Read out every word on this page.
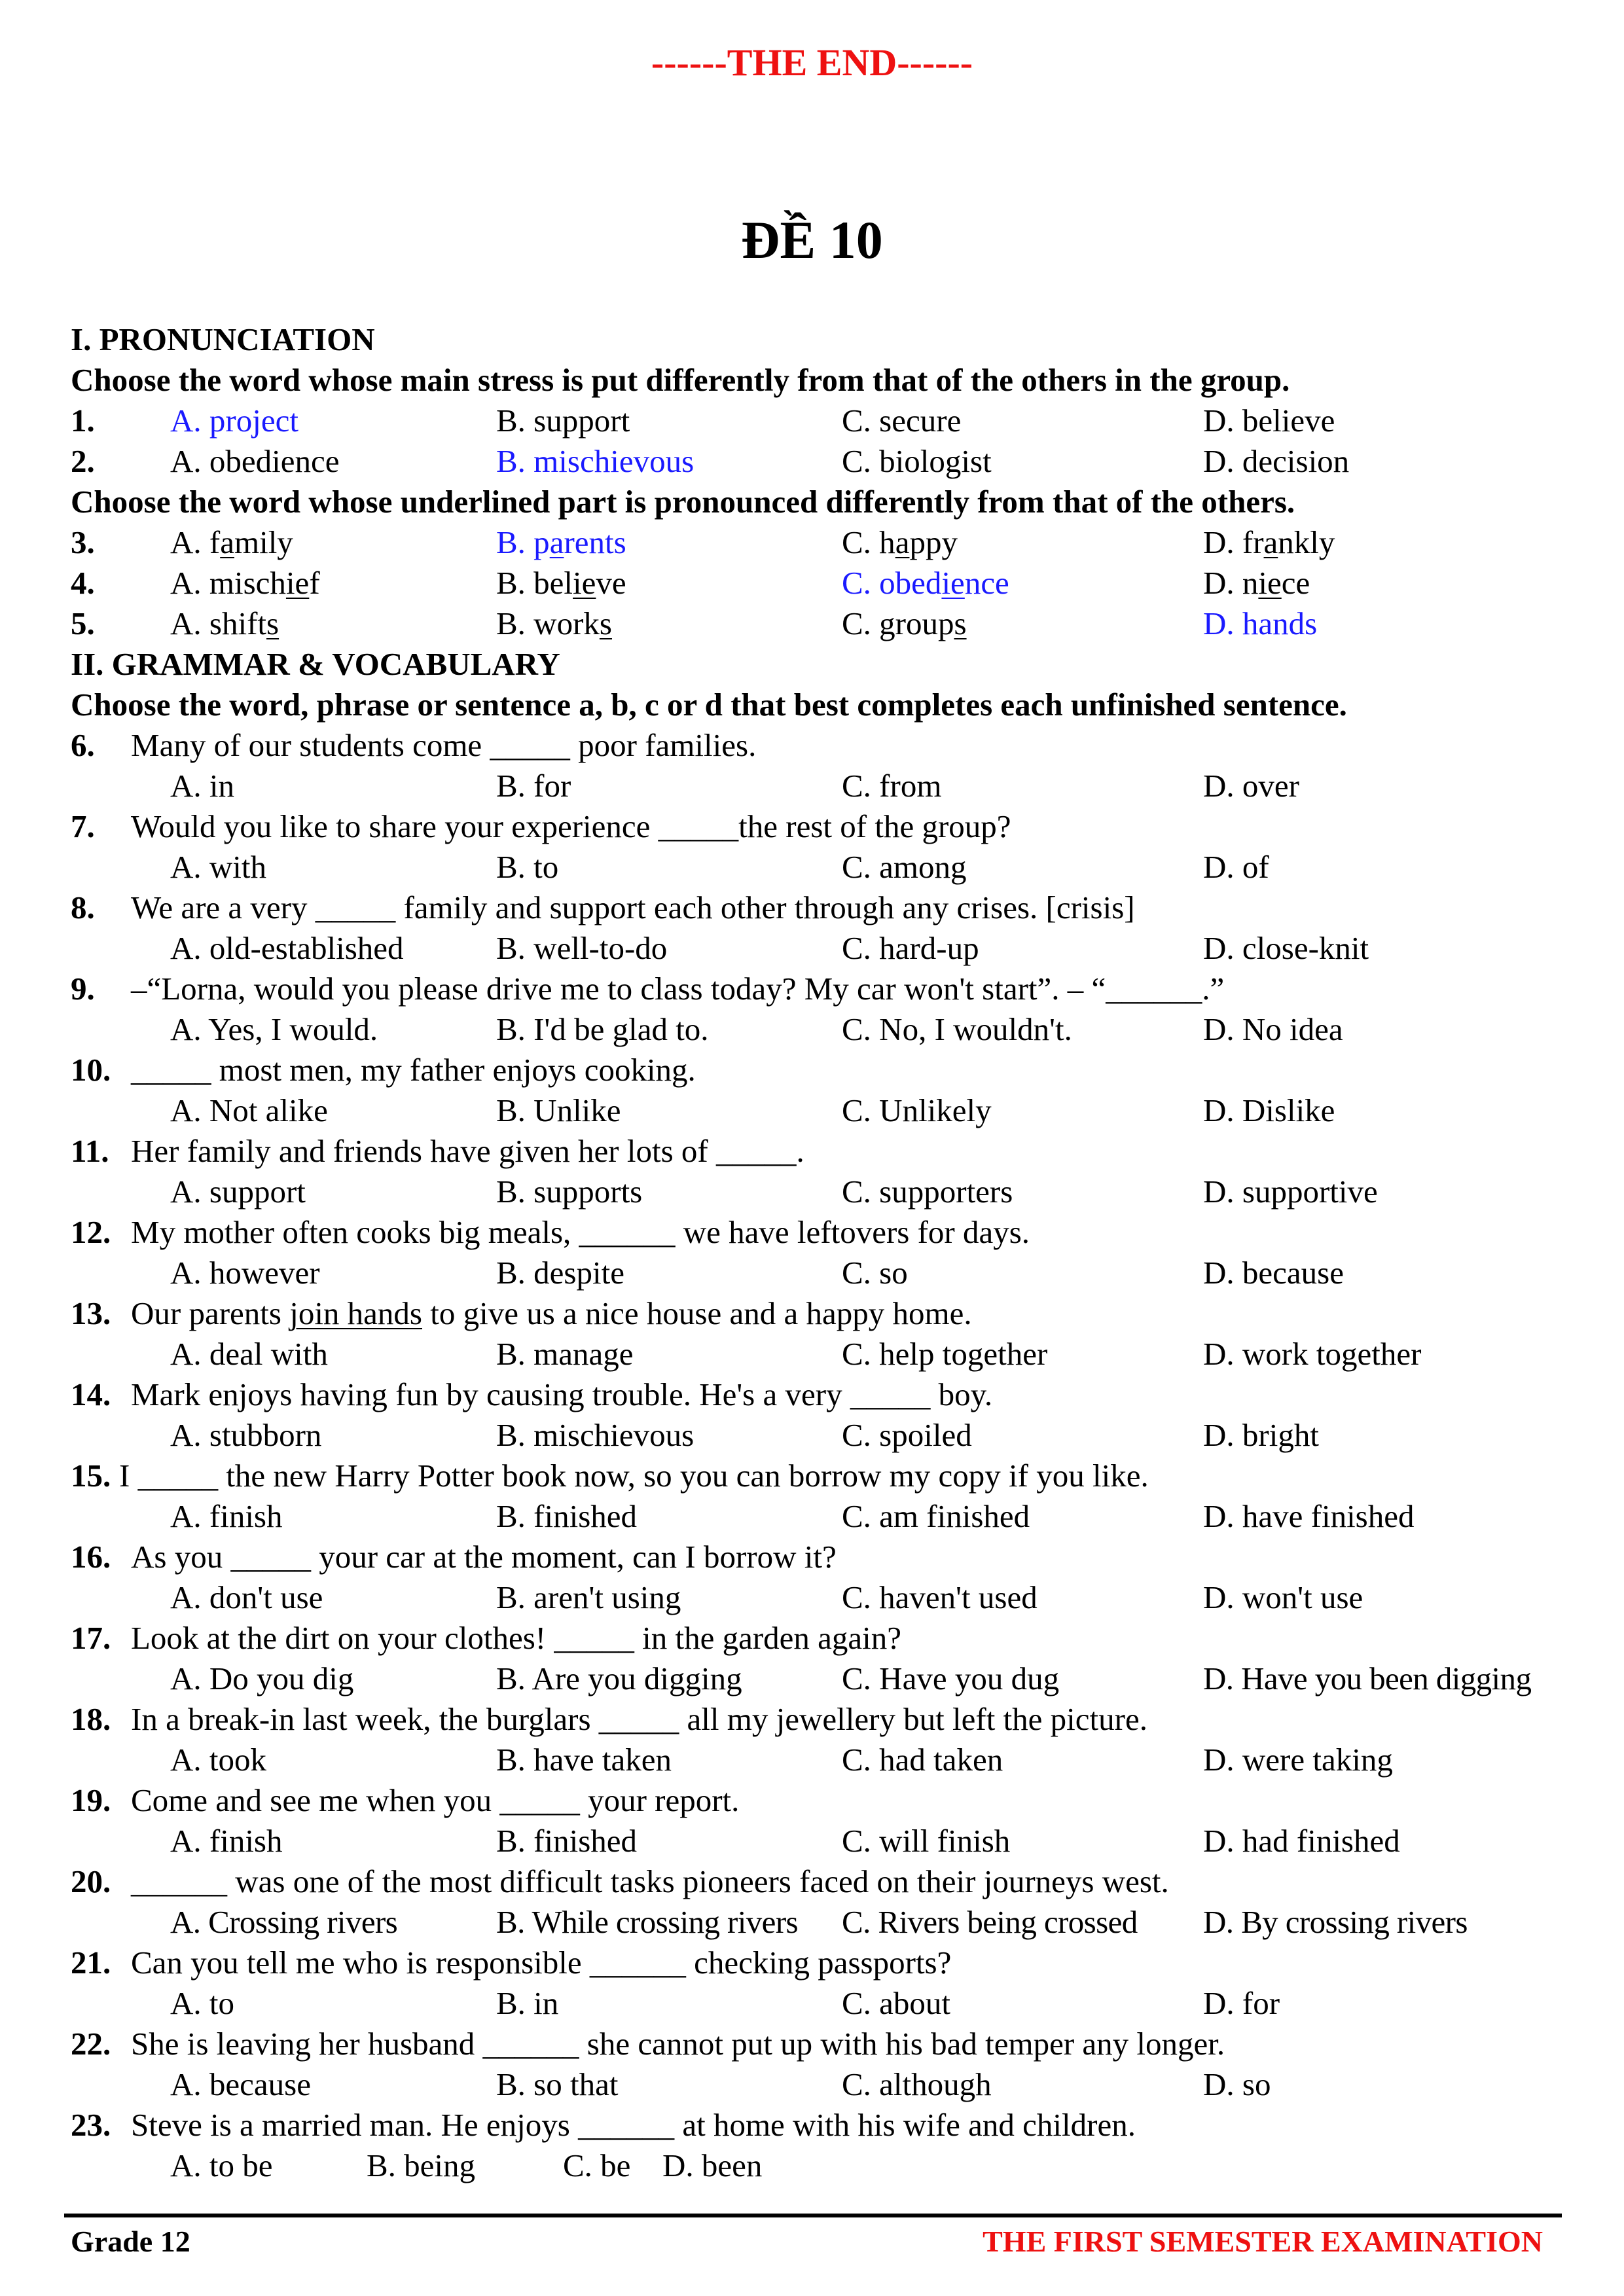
------THE END------
ĐỀ 10
I. PRONUNCIATION
Choose the word whose main stress is put differently from that of the others in the group.
1. A. project	B. support	C. secure	D. believe
2. A. obedience	B. mischievous	C. biologist	D. decision
Choose the word whose underlined part is pronounced differently from that of the others.
3. A. family	B. parents	C. happy	D. frankly
4. A. mischief	B. believe	C. obedience	D. niece
5. A. shifts	B. works	C. groups	D. hands
II. GRAMMAR & VOCABULARY
Choose the word, phrase or sentence a, b, c or d that best completes each unfinished sentence.
6. Many of our students come _____ poor families.
A. in	B. for	C. from	D. over
7. Would you like to share your experience _____the rest of the group?
A. with	B. to	C. among	D. of
8. We are a very _____ family and support each other through any crises. [crisis]
A. old-established	B. well-to-do	C. hard-up	D. close-knit
9. –“Lorna, would you please drive me to class today? My car won't start”. – “______.”
A. Yes, I would.	B. I'd be glad to.	C. No, I wouldn't.	D. No idea
10. _____ most men, my father enjoys cooking.
A. Not alike	B. Unlike	C. Unlikely	D. Dislike
11. Her family and friends have given her lots of _____.
A. support	B. supports	C. supporters	D. supportive
12. My mother often cooks big meals, ______ we have leftovers for days.
A. however	B. despite	C. so	D. because
13. Our parents join hands to give us a nice house and a happy home.
A. deal with	B. manage	C. help together	D. work together
14. Mark enjoys having fun by causing trouble. He's a very _____ boy.
A. stubborn	B. mischievous	C. spoiled	D. bright
15. I _____ the new Harry Potter book now, so you can borrow my copy if you like.
A. finish	B. finished	C. am finished	D. have finished
16. As you _____ your car at the moment, can I borrow it?
A. don't use	B. aren't using	C. haven't used	D. won't use
17. Look at the dirt on your clothes! _____ in the garden again?
A. Do you dig	B. Are you digging	C. Have you dug	D. Have you been digging
18. In a break-in last week, the burglars _____ all my jewellery but left the picture.
A. took	B. have taken	C. had taken	D. were taking
19. Come and see me when you _____ your report.
A. finish	B. finished	C. will finish	D. had finished
20. ______ was one of the most difficult tasks pioneers faced on their journeys west.
A. Crossing rivers	B. While crossing rivers C. Rivers being crossed D. By crossing rivers
21. Can you tell me who is responsible ______ checking passports?
A. to	B. in	C. about	D. for
22. She is leaving her husband ______ she cannot put up with his bad temper any longer.
A. because	B. so that	C. although	D. so
23. Steve is a married man. He enjoys ______ at home with his wife and children.
A. to be	B. being	C. be D. been
Grade 12	THE FIRST SEMESTER EXAMINATION
